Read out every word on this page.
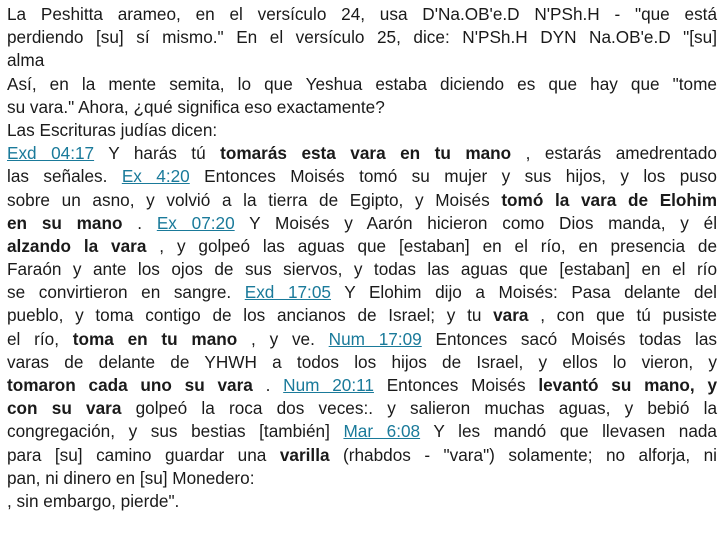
La Peshitta arameo, en el versículo 24, usa D'Na.OB'e.D N'PSh.H - "que está
perdiendo [su] sí mismo." En el versículo 25, dice: N'PSh.H DYN Na.OB'e.D "[su]
alma
Así, en la mente semita, lo que Yeshua estaba diciendo es que hay que "tome
su vara." Ahora, ¿qué significa eso exactamente?
Las Escrituras judías dicen:
Exd 04:17 Y harás tú tomarás esta vara en tu mano , estarás amedrentado
las señales. Ex 4:20 Entonces Moisés tomó su mujer y sus hijos, y los puso
sobre un asno, y volvió a la tierra de Egipto, y Moisés tomó la vara de Elohim
en su mano . Ex 07:20 Y Moisés y Aarón hicieron como Dios manda, y él
alzando la vara , y golpeó las aguas que [estaban] en el río, en presencia de
Faraón y ante los ojos de sus siervos, y todas las aguas que [estaban] en el río
se convirtieron en sangre. Exd 17:05 Y Elohim dijo a Moisés: Pasa delante del
pueblo, y toma contigo de los ancianos de Israel; y tu vara , con que tú pusiste
el río, toma en tu mano , y ve. Num 17:09 Entonces sacó Moisés todas las
varas de delante de YHWH a todos los hijos de Israel, y ellos lo vieron, y
tomaron cada uno su vara . Num 20:11 Entonces Moisés levantó su mano, y
con su vara golpeó la roca dos veces:. y salieron muchas aguas, y bebió la
congregación, y sus bestias [también] Mar 6:08 Y les mandó que llevasen nada
para [su] camino guardar una varilla (rhabdos - "vara") solamente; no alforja, ni
pan, ni dinero en [su] Monedero:
, sin embargo, pierde".
